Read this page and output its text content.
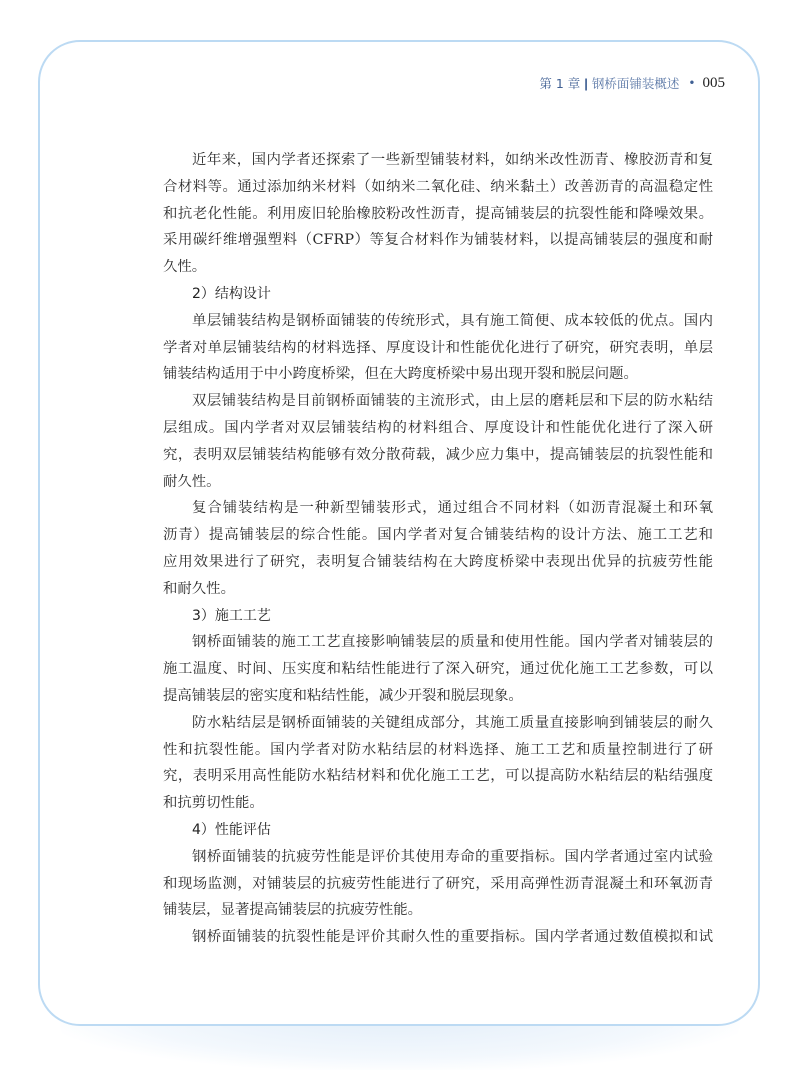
第 1 章 | 钢桥面铺装概述 • 005
近年来，国内学者还探索了一些新型铺装材料，如纳米改性沥青、橡胶沥青和复
合材料等。通过添加纳米材料（如纳米二氧化硅、纳米黏土）改善沥青的高温稳定性
和抗老化性能。利用废旧轮胎橡胶粉改性沥青，提高铺装层的抗裂性能和降噪效果。
采用碳纤维增强塑料（CFRP）等复合材料作为铺装材料，以提高铺装层的强度和耐
久性。
2）结构设计
单层铺装结构是钢桥面铺装的传统形式，具有施工简便、成本较低的优点。国内
学者对单层铺装结构的材料选择、厚度设计和性能优化进行了研究，研究表明，单层
铺装结构适用于中小跨度桥梁，但在大跨度桥梁中易出现开裂和脱层问题。
双层铺装结构是目前钢桥面铺装的主流形式，由上层的磨耗层和下层的防水粘结
层组成。国内学者对双层铺装结构的材料组合、厚度设计和性能优化进行了深入研
究，表明双层铺装结构能够有效分散荷载，减少应力集中，提高铺装层的抗裂性能和
耐久性。
复合铺装结构是一种新型铺装形式，通过组合不同材料（如沥青混凝土和环氧
沥青）提高铺装层的综合性能。国内学者对复合铺装结构的设计方法、施工工艺和
应用效果进行了研究，表明复合铺装结构在大跨度桥梁中表现出优异的抗疲劳性能
和耐久性。
3）施工工艺
钢桥面铺装的施工工艺直接影响铺装层的质量和使用性能。国内学者对铺装层的
施工温度、时间、压实度和粘结性能进行了深入研究，通过优化施工工艺参数，可以
提高铺装层的密实度和粘结性能，减少开裂和脱层现象。
防水粘结层是钢桥面铺装的关键组成部分，其施工质量直接影响到铺装层的耐久
性和抗裂性能。国内学者对防水粘结层的材料选择、施工工艺和质量控制进行了研
究，表明采用高性能防水粘结材料和优化施工工艺，可以提高防水粘结层的粘结强度
和抗剪切性能。
4）性能评估
钢桥面铺装的抗疲劳性能是评价其使用寿命的重要指标。国内学者通过室内试验
和现场监测，对铺装层的抗疲劳性能进行了研究，采用高弹性沥青混凝土和环氧沥青
铺装层，显著提高铺装层的抗疲劳性能。
钢桥面铺装的抗裂性能是评价其耐久性的重要指标。国内学者通过数值模拟和试
